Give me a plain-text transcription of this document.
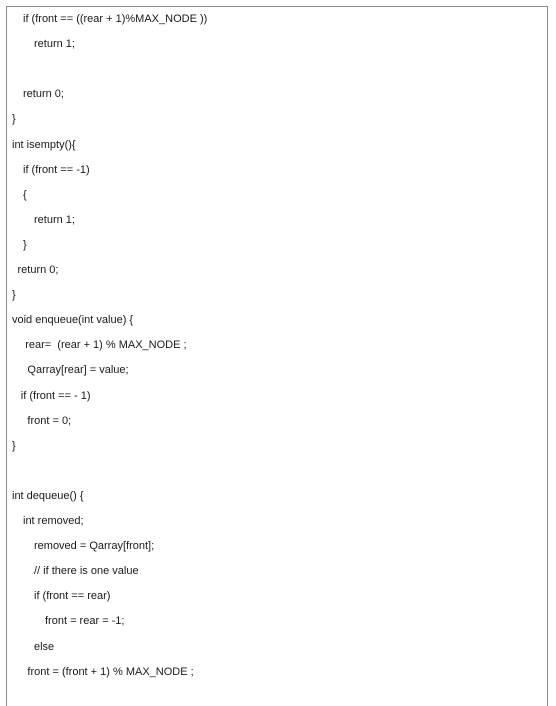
if (front == ((rear + 1)%MAX_NODE ))
return 1;
return 0;
}
int isempty(){
if (front == -1)
{
return 1;
}
return 0;
}
void enqueue(int value) {
rear=  (rear + 1) % MAX_NODE ;
Qarray[rear] = value;
if (front == - 1)
front = 0;
}
int dequeue() {
int removed;
removed = Qarray[front];
// if there is one value
if (front == rear)
front = rear = -1;
else
front = (front + 1) % MAX_NODE ;
